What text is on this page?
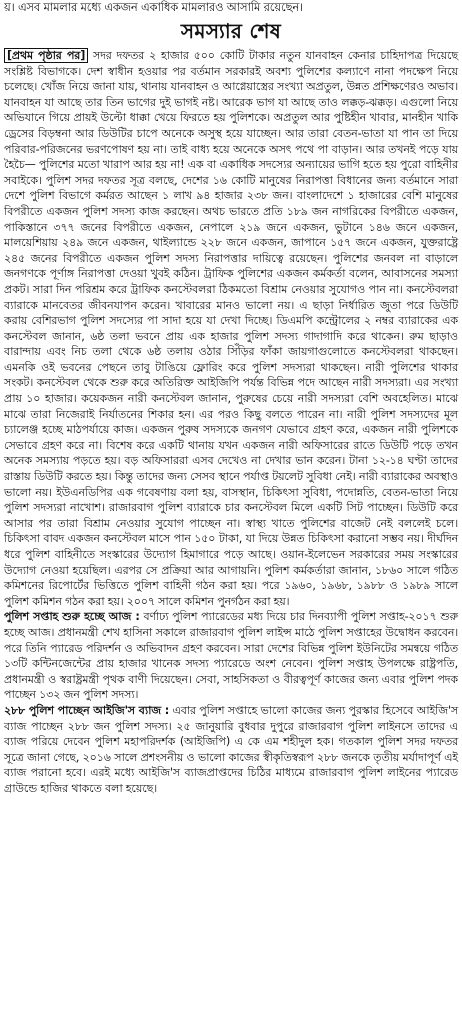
য়। এসব মামলার মধ্যে একজন একাধিক মামলারও আসামি রয়েছেন।
সমস্যার শেষ

[প্রথম পৃষ্ঠার পর] সদর দফতর ২ হাজার ৫০০ কোটি টাকার নতুন যানবাহন কেনার চাহিদাপত্র দিয়েছে সংশ্লিষ্ট বিভাগকে। দেশ স্বাধীন হওয়ার পর বর্তমান সরকারই অবশ্য পুলিশের কল্যাণে নানা পদক্ষেপ নিয়ে চলেছে। খোঁজ নিয়ে জানা যায়, থানায় যানবাহন ও আগ্নেয়াস্ত্রের সংখ্যা অপ্রতুল, উন্নত প্রশিক্ষণেরও অভাব। যানবাহন যা আছে তার তিন ভাগের দুই ভাগই নষ্ট। আরেক ভাগ যা আছে তাও লক্কড়-ঝক্কড়। এগুলো নিয়ে অভিযানে গিয়ে প্রায়ই উল্টো ধাক্কা খেয়ে ফিরতে হয় পুলিশকে। অপ্রতুল আর পুষ্টিহীন খাবার, মানহীন খাকি ড্রেসের বিড়ম্বনা আর ডিউটির চাপে অনেকে অসুস্থ হয়ে যাচ্ছেন। আর তারা বেতন-ভাতা যা পান তা দিয়ে পরিবার-পরিজনের ভরণপোষণ হয় না। তাই বাধ্য হয়ে অনেকে অসৎ পথে পা বাড়ান। আর তখনই পড়ে যায় হৈচৈ— পুলিশের মতো খারাপ আর হয় না! এক বা একাধিক সদস্যের অন্যায়ের ভাগি হতে হয় পুরো বাহিনীর সবাইকে। পুলিশ সদর দফতর সূত্র বলছে, দেশের ১৬ কোটি মানুষের নিরাপত্তা বিধানের জন্য বর্তমানে সারা দেশে পুলিশ বিভাগে কর্মরত আছেন ১ লাখ ৯৪ হাজার ২৩৮ জন। বাংলাদেশে ১ হাজারের বেশি মানুষের বিপরীতে একজন পুলিশ সদস্য কাজ করছেন। অথচ ভারতে প্রতি ১৮৯ জন নাগরিকের বিপরীতে একজন, পাকিস্তানে ৩৭৭ জনের বিপরীতে একজন, নেপালে ২১৯ জনে একজন, ভুটানে ১৪৬ জনে একজন, মালয়েশিয়ায় ২৪৯ জনে একজন, থাইল্যান্ডে ২২৮ জনে একজন, জাপানে ১৫৭ জনে একজন, যুক্তরাষ্ট্রে ২৪৫ জনের বিপরীতে একজন পুলিশ সদস্য নিরাপত্তার দায়িত্বে রয়েছেন। পুলিশের জনবল না বাড়ালে জনগণকে পূর্ণাঙ্গ নিরাপত্তা দেওয়া খুবই কঠিন। ট্রাফিক পুলিশের একজন কর্মকর্তা বলেন, আবাসনের সমস্যা প্রকট। সারা দিন পরিশ্রম করে ট্রাফিক কনস্টেবলরা ঠিকমতো বিশ্রাম নেওয়ার সুযোগও পান না। কনস্টেবলরা ব্যারাকে মানবেতর জীবনযাপন করেন। খাবারের মানও ভালো নয়। এ ছাড়া নির্ধারিত জুতা পরে ডিউটি করায় বেশিরভাগ পুলিশ সদস্যের পা সাদা হয়ে যা দেখা দিচ্ছে। ডিএমপি কন্ট্রোলের ২ নম্বর ব্যারাকের এক কনস্টেবল জানান, ৬ষ্ঠ তলা ভবনে প্রায় এক হাজার পুলিশ সদস্য গাদাগাদি করে থাকেন। রুম ছাড়াও বারান্দায় এবং নিচ তলা থেকে ৬ষ্ঠ তলায় ওঠার সিঁড়ির ফাঁকা জায়গাগুলোতে কনস্টেবলরা থাকছেন। এমনকি ওই ভবনের পেছনে তাবু টাঙিয়ে ফ্লোরিং করে পুলিশ সদস্যরা থাকছেন। নারী পুলিশের থাকার সংকট। কনস্টেবল থেকে শুরু করে অতিরিক্ত আইজিপি পর্যন্ত বিভিন্ন পদে আছেন নারী সদস্যরা। এর সংখ্যা প্রায় ১০ হাজার। কয়েকজন নারী কনস্টেবল জানান, পুরুষের চেয়ে নারী সদস্যরা বেশি অবহেলিত। মাঝে মাঝে তারা নিজেরাই নির্যাতনের শিকার হন। এর পরও কিছু বলতে পারেন না। নারী পুলিশ সদস্যদের মূল চ্যালেঞ্জ হচ্ছে মাঠপর্যায়ে কাজ। একজন পুরুষ সদস্যকে জনগণ যেভাবে গ্রহণ করে, একজন নারী পুলিশকে সেভাবে গ্রহণ করে না। বিশেষ করে একটি থানায় যখন একজন নারী অফিসারের রাতে ডিউটি পড়ে তখন অনেক সমস্যায় পড়তে হয়। বড় অফিসাররা এসব দেখেও না দেখার ভান করেন। টানা ১২-১৪ ঘণ্টা তাদের রাস্তায় ডিউটি করতে হয়। কিন্তু তাদের জন্য সেসব স্থানে পর্যাপ্ত টয়লেট সুবিধা নেই। নারী ব্যারাকের অবস্থাও ভালো নয়। ইউএনডিপির এক গবেষণায় বলা হয়, বাসস্থান, চিকিৎসা সুবিধা, পদোন্নতি, বেতন-ভাতা নিয়ে পুলিশ সদস্যরা নাখোশ। রাজারবাগ পুলিশ ব্যারাকে চার কনস্টেবল মিলে একটি সিট পাচ্ছেন। ডিউটি করে আসার পর তারা বিশ্রাম নেওয়ার সুযোগ পাচ্ছেন না। স্বাস্থ্য খাতে পুলিশের বাজেট নেই বললেই চলে। চিকিৎসা বাবদ একজন কনস্টেবল মাসে পান ১৫০ টাকা, যা দিয়ে উন্নত চিকিৎসা করানো সম্ভব নয়। দীর্ঘদিন ধরে পুলিশ বাহিনীতে সংস্কারের উদ্যোগ হিমাগারে পড়ে আছে। ওয়ান-ইলেভেন সরকারের সময় সংস্কারের উদ্যোগ নেওয়া হয়েছিল। এরপর সে প্রক্রিয়া আর আগায়নি। পুলিশ কর্মকর্তারা জানান, ১৮৬০ সালে গঠিত কমিশনের রিপোর্টের ভিত্তিতে পুলিশ বাহিনী গঠন করা হয়। পরে ১৯৬০, ১৯৬৮, ১৯৮৮ ও ১৯৮৯ সালে পুলিশ কমিশন গঠন করা হয়। ২০০৭ সালে কমিশন পুনর্গঠন করা হয়।

পুলিশ সপ্তাহ শুরু হচ্ছে আজ : বর্ণাঢ্য পুলিশ প্যারেডের মধ্য দিয়ে চার দিনব্যাপী পুলিশ সপ্তাহ-২০১৭ শুরু হচ্ছে আজ। প্রধানমন্ত্রী শেখ হাসিনা সকালে রাজারবাগ পুলিশ লাইন্স মাঠে পুলিশ সপ্তাহের উদ্বোধন করবেন। পরে তিনি প্যারেড পরিদর্শন ও অভিবাদন গ্রহণ করবেন। সারা দেশের বিভিন্ন পুলিশ ইউনিটের সমন্বয়ে গঠিত ১৩টি কন্টিনজেন্টের প্রায় হাজার খানেক সদস্য প্যারেডে অংশ নেবেন। পুলিশ সপ্তাহ উপলক্ষে রাষ্ট্রপতি, প্রধানমন্ত্রী ও স্বরাষ্ট্রমন্ত্রী পৃথক বাণী দিয়েছেন। সেবা, সাহসিকতা ও বীরত্বপূর্ণ কাজের জন্য এবার পুলিশ পদক পাচ্ছেন ১৩২ জন পুলিশ সদস্য।

২৮৮ পুলিশ পাচ্ছেন আইজি'স ব্যাজ : এবার পুলিশ সপ্তাহে ভালো কাজের জন্য পুরস্কার হিসেবে আইজি'স ব্যাজ পাচ্ছেন ২৮৮ জন পুলিশ সদস্য। ২৫ জানুয়ারি বুধবার দুপুরে রাজারবাগ পুলিশ লাইনসে তাদের এ ব্যাজ পরিয়ে দেবেন পুলিশ মহাপরিদর্শক (আইজিপি) এ কে এম শহীদুল হক। গতকাল পুলিশ সদর দফতর সূত্রে জানা গেছে, ২০১৬ সালে প্রশংসনীয় ও ভালো কাজের স্বীকৃতিস্বরূপ ২৮৮ জনকে তৃতীয় মর্যাদাপূর্ণ এই ব্যাজ পরানো হবে। এরই মধ্যে আইজি'স ব্যাজপ্রাপ্তদের চিঠির মাধ্যমে রাজারবাগ পুলিশ লাইনের প্যারেড গ্রাউন্ডে হাজির থাকতে বলা হয়েছে।
